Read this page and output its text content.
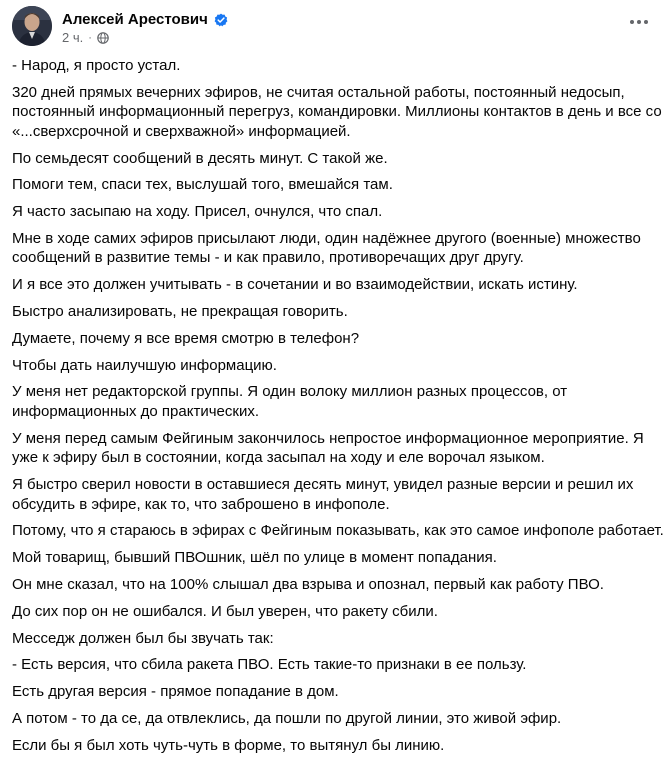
Алексей Арестович
2 ч. ·

- Народ, я просто устал.

320 дней прямых вечерних эфиров, не считая остальной работы, постоянный недосып, постоянный информационный перегруз, командировки. Миллионы контактов в день и все со «...сверхсрочной и сверхважной» информацией.

По семьдесят сообщений в десять минут. С такой же.

Помоги тем, спаси тех, выслушай того, вмешайся там.

Я часто засыпаю на ходу. Присел, очнулся, что спал.

Мне в ходе самих эфиров присылают люди, один надёжнее другого (военные) множество сообщений в развитие темы - и как правило, противоречащих друг другу.

И я все это должен учитывать - в сочетании и во взаимодействии, искать истину.

Быстро анализировать, не прекращая говорить.

Думаете, почему я все время смотрю в телефон?

Чтобы дать наилучшую информацию.

У меня нет редакторской группы. Я один волоку миллион разных процессов, от информационных до практических.

У меня перед самым Фейгиным закончилось непростое информационное мероприятие. Я уже к эфиру был в состоянии, когда засыпал на ходу и еле ворочал языком.

Я быстро сверил новости в оставшиеся десять минут, увидел разные версии и решил их обсудить в эфире, как то, что заброшено в инфополе.

Потому, что я стараюсь в эфирах с Фейгиным показывать, как это самое инфополе работает.

Мой товарищ, бывший ПВОшник, шёл по улице в момент попадания.

Он мне сказал, что на 100% слышал два взрыва и опознал, первый как работу ПВО.

До сих пор он не ошибался. И был уверен, что ракету сбили.

Месседж должен был бы звучать так:

- Есть версия, что сбила ракета ПВО. Есть такие-то признаки в ее пользу.

Есть другая версия - прямое попадание в дом.

А потом - то да се, да отвлеклись, да пошли по другой линии, это живой эфир.

Если бы я был хоть чуть-чуть в форме, то вытянул бы линию.
